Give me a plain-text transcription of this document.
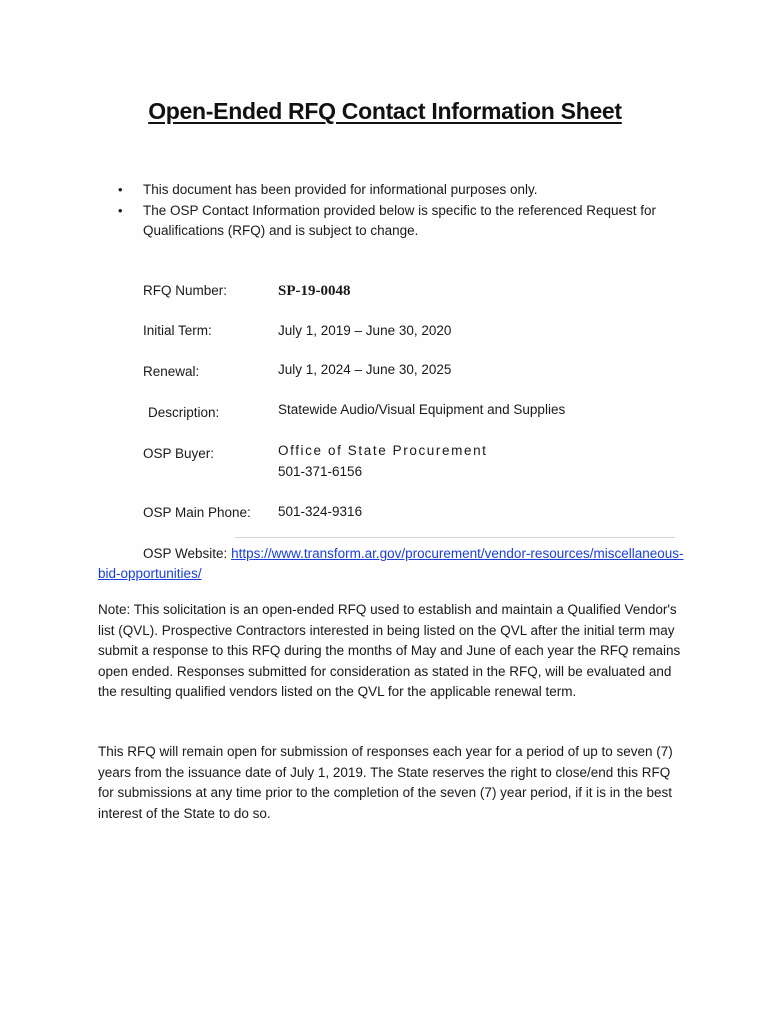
Open-Ended RFQ Contact Information Sheet
• This document has been provided for informational purposes only.
• The OSP Contact Information provided below is specific to the referenced Request for Qualifications (RFQ) and is subject to change.
RFQ Number:	SP-19-0048
Initial Term:	July 1, 2019 – June 30, 2020
Renewal:	July 1, 2024 – June 30, 2025
Description:	Statewide Audio/Visual Equipment and Supplies
OSP Buyer:	Office of State Procurement
501-371-6156
OSP Main Phone: 501-324-9316
OSP Website: https://www.transform.ar.gov/procurement/vendor-resources/miscellaneous-bid-opportunities/

Note: This solicitation is an open-ended RFQ used to establish and maintain a Qualified Vendor's list (QVL). Prospective Contractors interested in being listed on the QVL after the initial term may submit a response to this RFQ during the months of May and June of each year the RFQ remains open ended. Responses submitted for consideration as stated in the RFQ, will be evaluated and the resulting qualified vendors listed on the QVL for the applicable renewal term.

This RFQ will remain open for submission of responses each year for a period of up to seven (7) years from the issuance date of July 1, 2019. The State reserves the right to close/end this RFQ for submissions at any time prior to the completion of the seven (7) year period, if it is in the best interest of the State to do so.
